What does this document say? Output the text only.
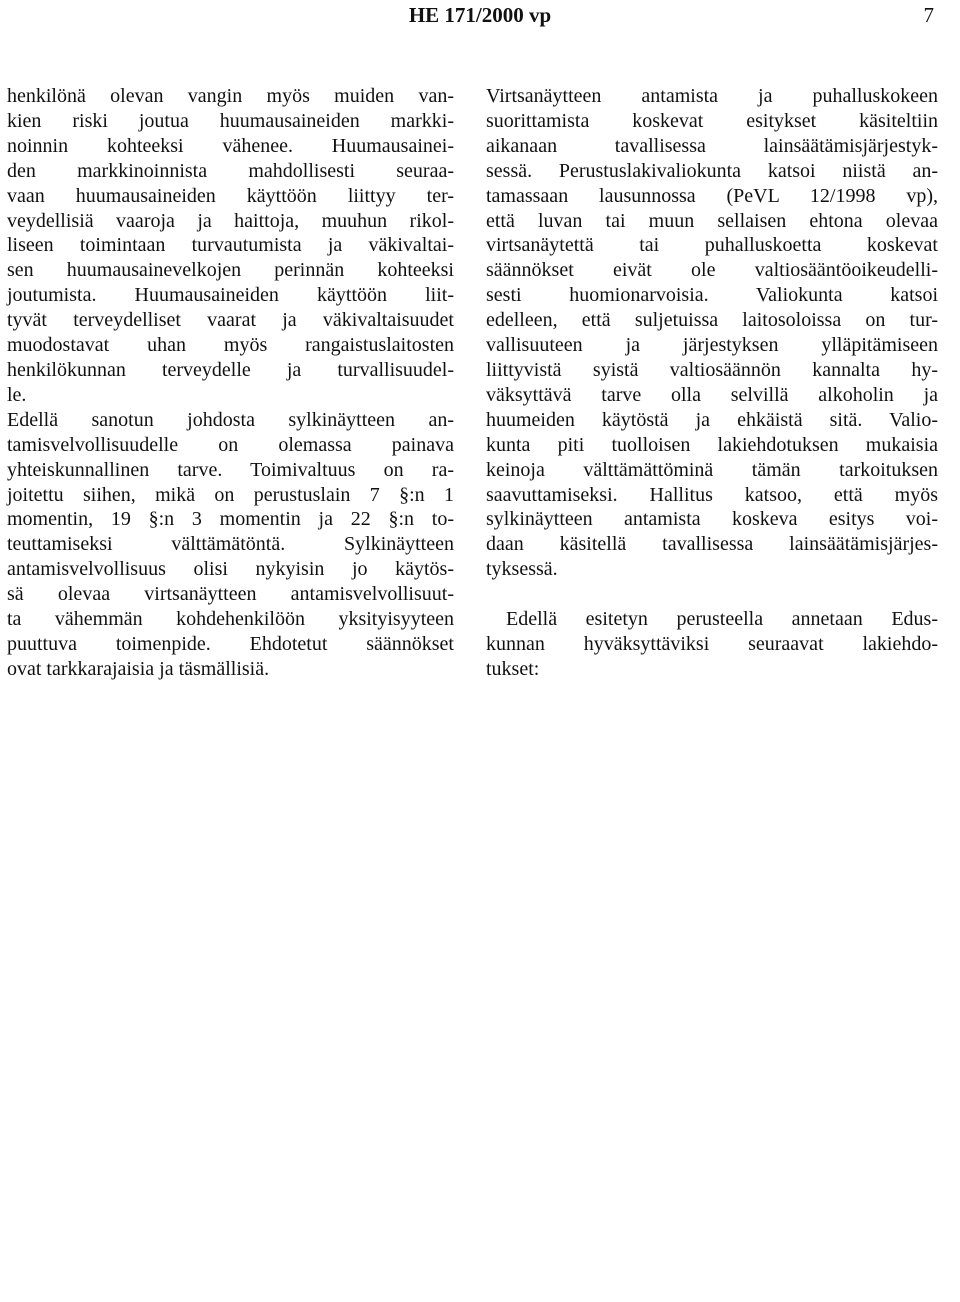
HE 171/2000 vp	7

henkilönä olevan vangin myös muiden van-
kien riski joutua huumausaineiden markki-
noinnin kohteeksi vähenee. Huumausainei-
den markkinoinnista mahdollisesti seuraa-
vaan huumausaineiden käyttöön liittyy ter-
veydellisiä vaaroja ja haittoja, muuhun rikol-
liseen toimintaan turvautumista ja väkivaltai-
sen huumausainevelkojen perinnän kohteeksi
joutumista. Huumausaineiden käyttöön liit-
tyvät terveydelliset vaarat ja väkivaltaisuudet
muodostavat uhan myös rangaistuslaitosten
henkilökunnan terveydelle ja turvallisuudel-
le.

Edellä sanotun johdosta sylkinäytteen an-
tamisvelvollisuudelle on olemassa painava
yhteiskunnallinen tarve. Toimivaltuus on ra-
joitettu siihen, mikä on perustuslain 7 §:n 1
momentin, 19 §:n 3 momentin ja 22 §:n to-
teuttamiseksi välttämätöntä. Sylkinäytteen
antamisvelvollisuus olisi nykyisin jo käytös-
sä olevaa virtsanäytteen antamisvelvollisuut-
ta vähemmän kohdehenkilöön yksityisyyteen
puuttuva toimenpide. Ehdotetut säännökset
ovat tarkkarajaisia ja täsmällisiä.

Virtsanäytteen antamista ja puhalluskokeen
suorittamista koskevat esitykset käsiteltiin
aikanaan tavallisessa lainsäätämisjärjestyk-
sessä. Perustuslakivaliokunta katsoi niistä an-
tamassaan lausunnossa (PeVL 12/1998 vp),
että luvan tai muun sellaisen ehtona olevaa
virtsanäytettä tai puhalluskoetta koskevat
säännökset eivät ole valtiosääntöoikeudelli-
sesti huomionarvoisia. Valiokunta katsoi
edelleen, että suljetuissa laitosoloissa on tur-
vallisuuteen ja järjestyksen ylläpitämiseen
liittyvistä syistä valtiosäännön kannalta hy-
väksyttävä tarve olla selvillä alkoholin ja
huumeiden käytöstä ja ehkäistä sitä. Valio-
kunta piti tuolloisen lakiehdotuksen mukaisia
keinoja välttämättöminä tämän tarkoituksen
saavuttamiseksi. Hallitus katsoo, että myös
sylkinäytteen antamista koskeva esitys voi-
daan käsitellä tavallisessa lainsäätämisjärjes-
tyksessä.

Edellä esitetyn perusteella annetaan Edus-
kunnan hyväksyttäviksi seuraavat lakiehdo-
tukset:
